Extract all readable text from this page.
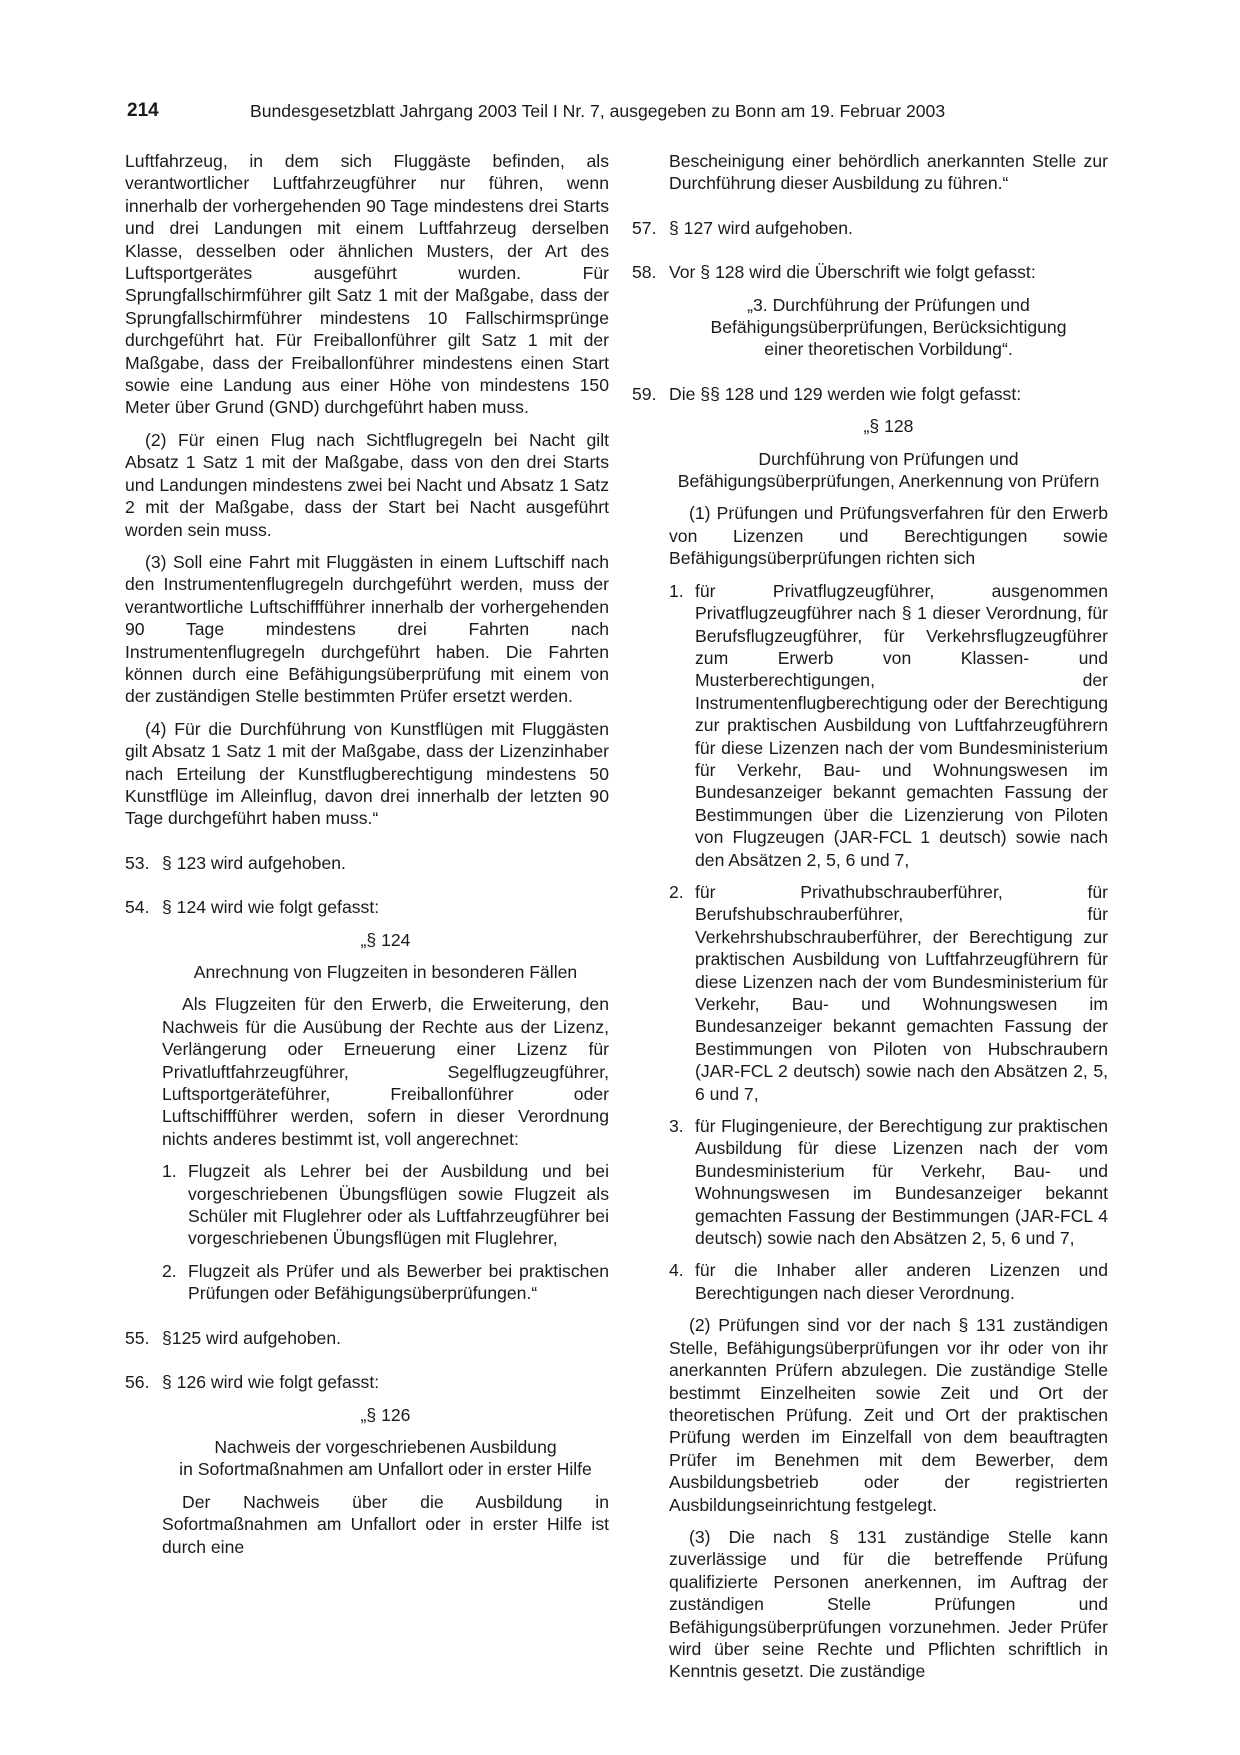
214	Bundesgesetzblatt Jahrgang 2003 Teil I Nr. 7, ausgegeben zu Bonn am 19. Februar 2003

Luftfahrzeug, in dem sich Fluggäste befinden, als verantwortlicher Luftfahrzeugführer nur führen, wenn innerhalb der vorhergehenden 90 Tage mindestens drei Starts und drei Landungen mit einem Luftfahrzeug derselben Klasse, desselben oder ähnlichen Musters, der Art des Luftsportgerätes ausgeführt wurden. Für Sprungfallschirmführer gilt Satz 1 mit der Maßgabe, dass der Sprungfallschirmführer mindestens 10 Fallschirmsprünge durchgeführt hat. Für Freiballonführer gilt Satz 1 mit der Maßgabe, dass der Freiballonführer mindestens einen Start sowie eine Landung aus einer Höhe von mindestens 150 Meter über Grund (GND) durchgeführt haben muss.

(2) Für einen Flug nach Sichtflugregeln bei Nacht gilt Absatz 1 Satz 1 mit der Maßgabe, dass von den drei Starts und Landungen mindestens zwei bei Nacht und Absatz 1 Satz 2 mit der Maßgabe, dass der Start bei Nacht ausgeführt worden sein muss.

(3) Soll eine Fahrt mit Fluggästen in einem Luftschiff nach den Instrumentenflugregeln durchgeführt werden, muss der verantwortliche Luftschiffführer innerhalb der vorhergehenden 90 Tage mindestens drei Fahrten nach Instrumentenflugregeln durchgeführt haben. Die Fahrten können durch eine Befähigungsüberprüfung mit einem von der zuständigen Stelle bestimmten Prüfer ersetzt werden.

(4) Für die Durchführung von Kunstflügen mit Fluggästen gilt Absatz 1 Satz 1 mit der Maßgabe, dass der Lizenzinhaber nach Erteilung der Kunstflugberechtigung mindestens 50 Kunstflüge im Alleinflug, davon drei innerhalb der letzten 90 Tage durchgeführt haben muss.“

53. § 123 wird aufgehoben.
54. § 124 wird wie folgt gefasst:

„§ 124

Anrechnung von Flugzeiten in besonderen Fällen

Als Flugzeiten für den Erwerb, die Erweiterung, den Nachweis für die Ausübung der Rechte aus der Lizenz, Verlängerung oder Erneuerung einer Lizenz für Privatluftfahrzeugführer, Segelflugzeugführer, Luftsportgeräteführer, Freiballonführer oder Luftschiffführer werden, sofern in dieser Verordnung nichts anderes bestimmt ist, voll angerechnet:

1. Flugzeit als Lehrer bei der Ausbildung und bei vorgeschriebenen Übungsflügen sowie Flugzeit als Schüler mit Fluglehrer oder als Luftfahrzeugführer bei vorgeschriebenen Übungsflügen mit Fluglehrer,
2. Flugzeit als Prüfer und als Bewerber bei praktischen Prüfungen oder Befähigungsüberprüfungen.“
55. §125 wird aufgehoben.
56. § 126 wird wie folgt gefasst:

„§ 126

Nachweis der vorgeschriebenen Ausbildung

in Sofortmaßnahmen am Unfallort oder in erster Hilfe

Der Nachweis über die Ausbildung in Sofortmaßnahmen am Unfallort oder in erster Hilfe ist durch eine

Bescheinigung einer behördlich anerkannten Stelle zur Durchführung dieser Ausbildung zu führen.“

57. § 127 wird aufgehoben.
58. Vor § 128 wird die Überschrift wie folgt gefasst:

„3. Durchführung der Prüfungen und

Befähigungsüberprüfungen, Berücksichtigung

einer theoretischen Vorbildung“.

59. Die §§ 128 und 129 werden wie folgt gefasst:

„§ 128

Durchführung von Prüfungen und

Befähigungsüberprüfungen, Anerkennung von Prüfern

(1) Prüfungen und Prüfungsverfahren für den Erwerb von Lizenzen und Berechtigungen sowie Befähigungsüberprüfungen richten sich

1. für Privatflugzeugführer, ausgenommen Privatflugzeugführer nach § 1 dieser Verordnung, für Berufsflugzeugführer, für Verkehrsflugzeugführer zum Erwerb von Klassen- und Musterberechtigungen, der Instrumentenflugberechtigung oder der Berechtigung zur praktischen Ausbildung von Luftfahrzeugführern für diese Lizenzen nach der vom Bundesministerium für Verkehr, Bau- und Wohnungswesen im Bundesanzeiger bekannt gemachten Fassung der Bestimmungen über die Lizenzierung von Piloten von Flugzeugen (JAR-FCL 1 deutsch) sowie nach den Absätzen 2, 5, 6 und 7,
2. für Privathubschrauberführer, für Berufshubschrauberführer, für Verkehrshubschrauberführer, der Berechtigung zur praktischen Ausbildung von Luftfahrzeugführern für diese Lizenzen nach der vom Bundesministerium für Verkehr, Bau- und Wohnungswesen im Bundesanzeiger bekannt gemachten Fassung der Bestimmungen von Piloten von Hubschraubern (JAR-FCL 2 deutsch) sowie nach den Absätzen 2, 5, 6 und 7,
3. für Flugingenieure, der Berechtigung zur praktischen Ausbildung für diese Lizenzen nach der vom Bundesministerium für Verkehr, Bau- und Wohnungswesen im Bundesanzeiger bekannt gemachten Fassung der Bestimmungen (JAR-FCL 4 deutsch) sowie nach den Absätzen 2, 5, 6 und 7,
4. für die Inhaber aller anderen Lizenzen und Berechtigungen nach dieser Verordnung.

(2) Prüfungen sind vor der nach § 131 zuständigen Stelle, Befähigungsüberprüfungen vor ihr oder von ihr anerkannten Prüfern abzulegen. Die zuständige Stelle bestimmt Einzelheiten sowie Zeit und Ort der theoretischen Prüfung. Zeit und Ort der praktischen Prüfung werden im Einzelfall von dem beauftragten Prüfer im Benehmen mit dem Bewerber, dem Ausbildungsbetrieb oder der registrierten Ausbildungseinrichtung festgelegt.

(3) Die nach § 131 zuständige Stelle kann zuverlässige und für die betreffende Prüfung qualifizierte Personen anerkennen, im Auftrag der zuständigen Stelle Prüfungen und Befähigungsüberprüfungen vorzunehmen. Jeder Prüfer wird über seine Rechte und Pflichten schriftlich in Kenntnis gesetzt. Die zuständige
